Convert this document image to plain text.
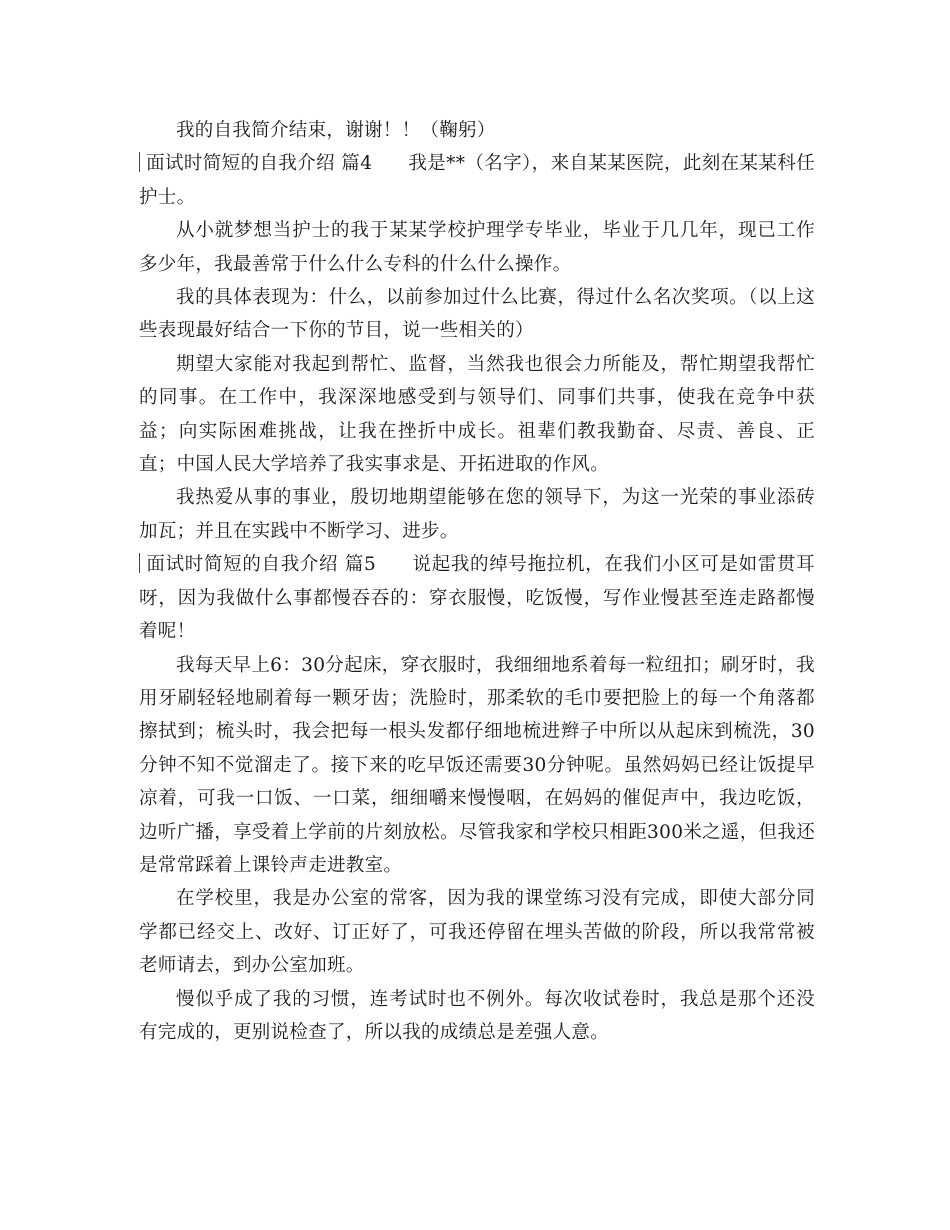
我的自我简介结束，谢谢！！（鞠躬）

面试时简短的自我介绍 篇4 我是**（名字），来自某某医院，此刻在某某科任护士。

从小就梦想当护士的我于某某学校护理学专毕业，毕业于几几年，现已工作多少年，我最善常于什么什么专科的什么什么操作。

我的具体表现为：什么，以前参加过什么比赛，得过什么名次奖项。（以上这些表现最好结合一下你的节目，说一些相关的）

期望大家能对我起到帮忙、监督，当然我也很会力所能及，帮忙期望我帮忙的同事。在工作中，我深深地感受到与领导们、同事们共事，使我在竞争中获益；向实际困难挑战，让我在挫折中成长。祖辈们教我勤奋、尽责、善良、正直；中国人民大学培养了我实事求是、开拓进取的作风。

我热爱从事的事业，殷切地期望能够在您的领导下，为这一光荣的事业添砖加瓦；并且在实践中不断学习、进步。

面试时简短的自我介绍 篇5 说起我的绰号拖拉机，在我们小区可是如雷贯耳呀，因为我做什么事都慢吞吞的：穿衣服慢，吃饭慢，写作业慢甚至连走路都慢着呢！

我每天早上6：30分起床，穿衣服时，我细细地系着每一粒纽扣；刷牙时，我用牙刷轻轻地刷着每一颗牙齿；洗脸时，那柔软的毛巾要把脸上的每一个角落都擦拭到；梳头时，我会把每一根头发都仔细地梳进辫子中所以从起床到梳洗，30分钟不知不觉溜走了。接下来的吃早饭还需要30分钟呢。虽然妈妈已经让饭提早凉着，可我一口饭、一口菜，细细嚼来慢慢咽，在妈妈的催促声中，我边吃饭，边听广播，享受着上学前的片刻放松。尽管我家和学校只相距300米之遥，但我还是常常踩着上课铃声走进教室。

在学校里，我是办公室的常客，因为我的课堂练习没有完成，即使大部分同学都已经交上、改好、订正好了，可我还停留在埋头苦做的阶段，所以我常常被老师请去，到办公室加班。

慢似乎成了我的习惯，连考试时也不例外。每次收试卷时，我总是那个还没有完成的，更别说检查了，所以我的成绩总是差强人意。
